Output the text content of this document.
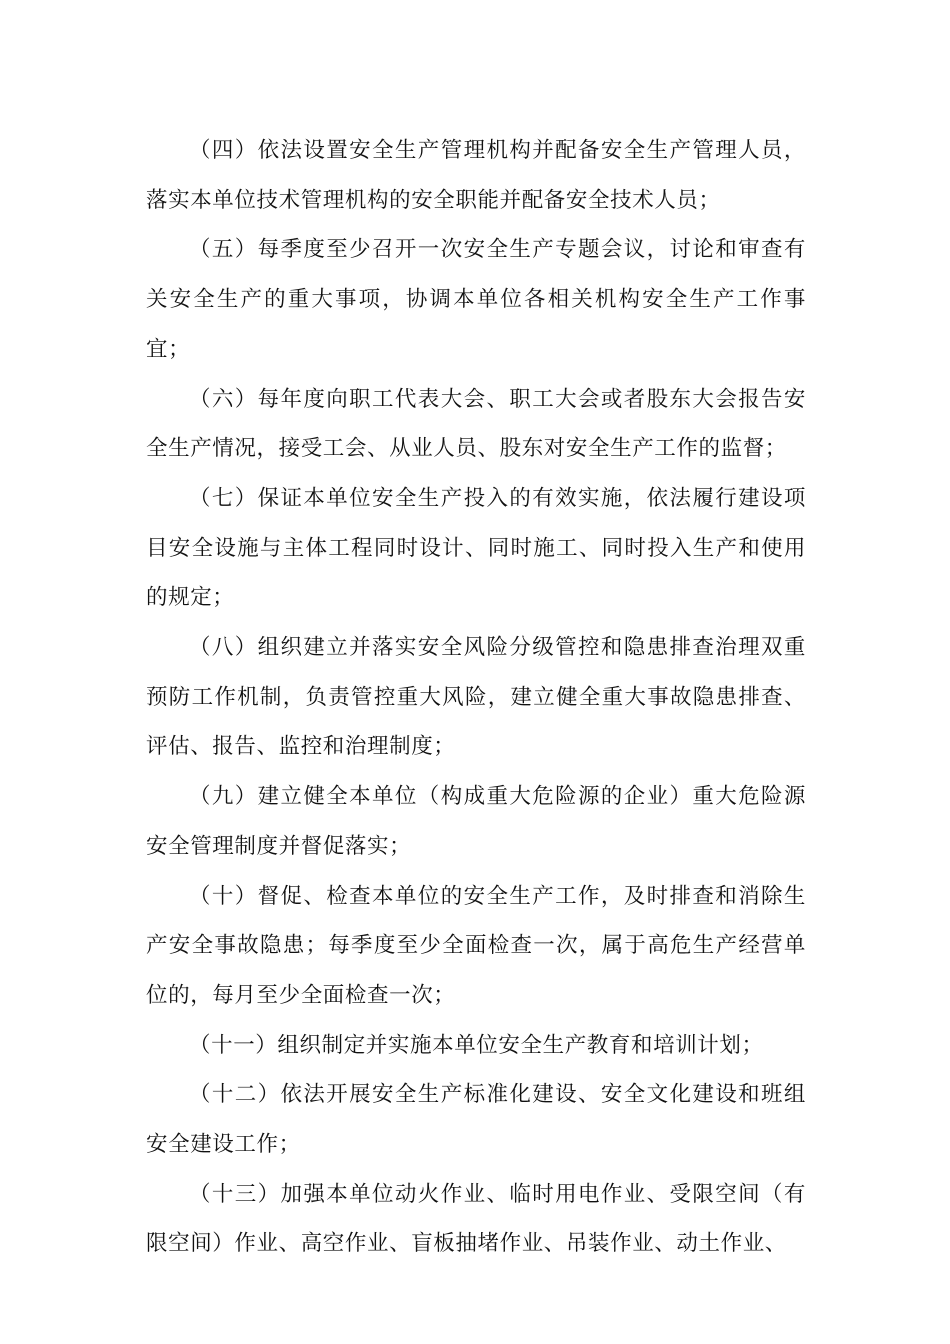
（四）依法设置安全生产管理机构并配备安全生产管理人员，落实本单位技术管理机构的安全职能并配备安全技术人员；

（五）每季度至少召开一次安全生产专题会议，讨论和审查有关安全生产的重大事项，协调本单位各相关机构安全生产工作事宜；

（六）每年度向职工代表大会、职工大会或者股东大会报告安全生产情况，接受工会、从业人员、股东对安全生产工作的监督；

（七）保证本单位安全生产投入的有效实施，依法履行建设项目安全设施与主体工程同时设计、同时施工、同时投入生产和使用的规定；

（八）组织建立并落实安全风险分级管控和隐患排查治理双重预防工作机制，负责管控重大风险，建立健全重大事故隐患排查、评估、报告、监控和治理制度；

（九）建立健全本单位（构成重大危险源的企业）重大危险源安全管理制度并督促落实；

（十）督促、检查本单位的安全生产工作，及时排查和消除生产安全事故隐患；每季度至少全面检查一次，属于高危生产经营单位的，每月至少全面检查一次；

（十一）组织制定并实施本单位安全生产教育和培训计划；

（十二）依法开展安全生产标准化建设、安全文化建设和班组安全建设工作；

（十三）加强本单位动火作业、临时用电作业、受限空间（有限空间）作业、高空作业、盲板抽堵作业、吊装作业、动土作业、
